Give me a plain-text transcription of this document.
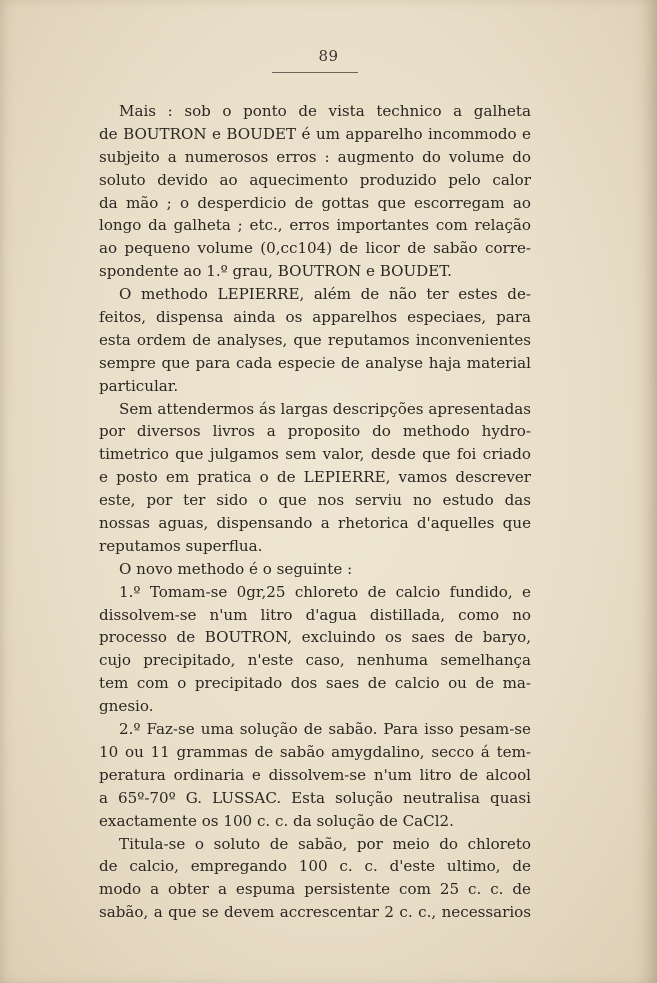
89
Mais : sob o ponto de vista technico a galheta
de BOUTRON e BOUDET é um apparelho incommodo e
subjeito a numerosos erros : augmento do volume do
soluto devido ao aquecimento produzido pelo calor
da mão ; o desperdicio de gottas que escorregam ao
longo da galheta ; etc., erros importantes com relação
ao pequeno volume (0,cc104) de licor de sabão corre-
spondente ao 1.º grau, BOUTRON e BOUDET.
O methodo LEPIERRE, além de não ter estes de-
feitos, dispensa ainda os apparelhos especiaes, para
esta ordem de analyses, que reputamos inconvenientes
sempre que para cada especie de analyse haja material
particular.
Sem attendermos ás largas descripções apresentadas
por diversos livros a proposito do methodo hydro-
timetrico que julgamos sem valor, desde que foi criado
e posto em pratica o de LEPIERRE, vamos descrever
este, por ter sido o que nos serviu no estudo das
nossas aguas, dispensando a rhetorica d'aquelles que
reputamos superflua.
O novo methodo é o seguinte :
1.º Tomam-se 0gr,25 chloreto de calcio fundido, e
dissolvem-se n'um litro d'agua distillada, como no
processo de BOUTRON, excluindo os saes de baryo,
cujo precipitado, n'este caso, nenhuma semelhança
tem com o precipitado dos saes de calcio ou de ma-
gnesio.
2.º Faz-se uma solução de sabão. Para isso pesam-se
10 ou 11 grammas de sabão amygdalino, secco á tem-
peratura ordinaria e dissolvem-se n'um litro de alcool
a 65º-70º G. LUSSAC. Esta solução neutralisa quasi
exactamente os 100 c. c. da solução de CaCl2.
Titula-se o soluto de sabão, por meio do chloreto
de calcio, empregando 100 c. c. d'este ultimo, de
modo a obter a espuma persistente com 25 c. c. de
sabão, a que se devem accrescentar 2 c. c., necessarios
